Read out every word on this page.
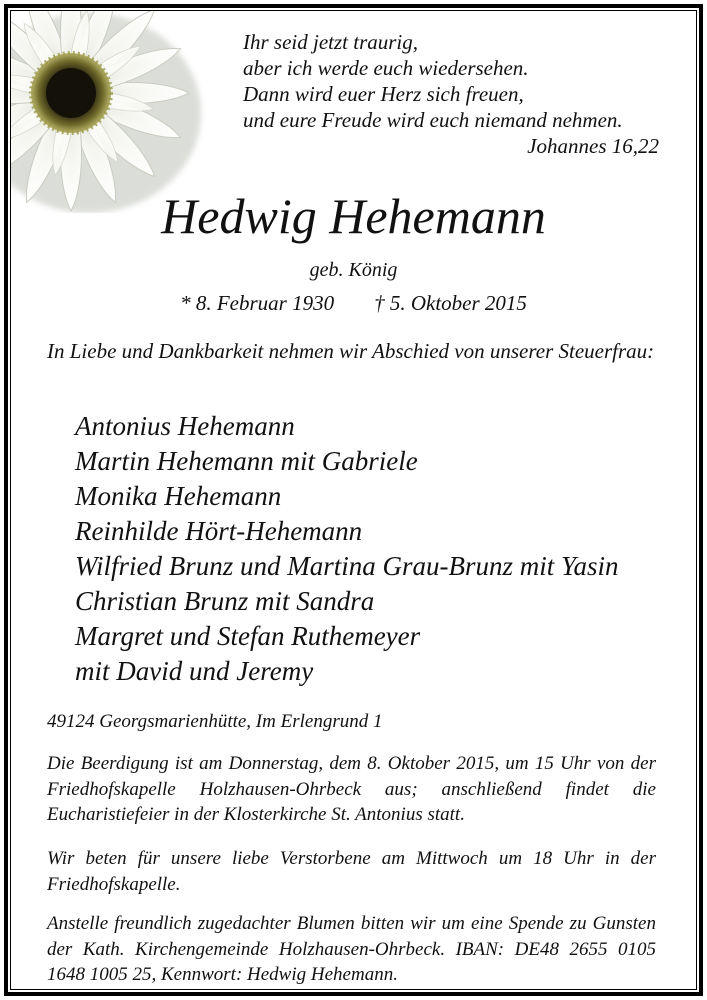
Ihr seid jetzt traurig,
aber ich werde euch wiedersehen.
Dann wird euer Herz sich freuen,
und eure Freude wird euch niemand nehmen.
Johannes 16,22
Hedwig Hehemann
geb. König
* 8. Februar 1930 † 5. Oktober 2015
In Liebe und Dankbarkeit nehmen wir Abschied von unserer Steuerfrau:
Antonius Hehemann
Martin Hehemann mit Gabriele
Monika Hehemann
Reinhilde Hört-Hehemann
Wilfried Brunz und Martina Grau-Brunz mit Yasin
Christian Brunz mit Sandra
Margret und Stefan Ruthemeyer
mit David und Jeremy
49124 Georgsmarienhütte, Im Erlengrund 1
Die Beerdigung ist am Donnerstag, dem 8. Oktober 2015, um 15 Uhr von der Friedhofskapelle Holzhausen-Ohrbeck aus; anschließend findet die Eucharistiefeier in der Klosterkirche St. Antonius statt.
Wir beten für unsere liebe Verstorbene am Mittwoch um 18 Uhr in der Friedhofskapelle.
Anstelle freundlich zugedachter Blumen bitten wir um eine Spende zu Gunsten der Kath. Kirchengemeinde Holzhausen-Ohrbeck. IBAN: DE48 2655 0105 1648 1005 25, Kennwort: Hedwig Hehemann.
